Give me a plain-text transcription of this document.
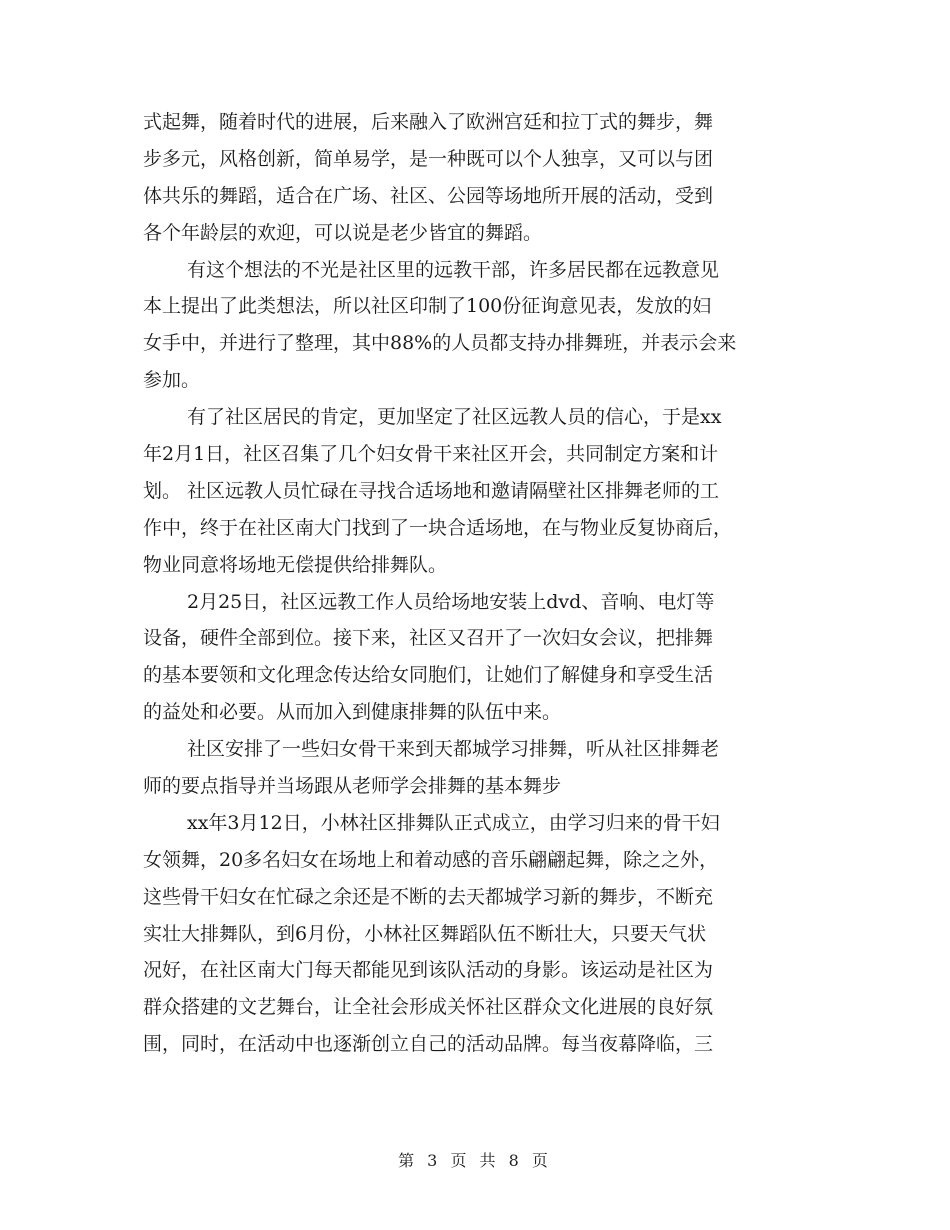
式起舞，随着时代的进展，后来融入了欧洲宫廷和拉丁式的舞步，舞
步多元，风格创新，简单易学，是一种既可以个人独享，又可以与团
体共乐的舞蹈，适合在广场、社区、公园等场地所开展的活动，受到
各个年龄层的欢迎，可以说是老少皆宜的舞蹈。
有这个想法的不光是社区里的远教干部，许多居民都在远教意见
本上提出了此类想法，所以社区印制了100份征询意见表，发放的妇
女手中，并进行了整理，其中88%的人员都支持办排舞班，并表示会来
参加。
有了社区居民的肯定，更加坚定了社区远教人员的信心，于是xx
年2月1日，社区召集了几个妇女骨干来社区开会，共同制定方案和计
划。 社区远教人员忙碌在寻找合适场地和邀请隔壁社区排舞老师的工
作中，终于在社区南大门找到了一块合适场地，在与物业反复协商后，
物业同意将场地无偿提供给排舞队。
2月25日，社区远教工作人员给场地安装上dvd、音响、电灯等
设备，硬件全部到位。接下来，社区又召开了一次妇女会议，把排舞
的基本要领和文化理念传达给女同胞们，让她们了解健身和享受生活
的益处和必要。从而加入到健康排舞的队伍中来。
社区安排了一些妇女骨干来到天都城学习排舞，听从社区排舞老
师的要点指导并当场跟从老师学会排舞的基本舞步
xx年3月12日，小林社区排舞队正式成立，由学习归来的骨干妇
女领舞，20多名妇女在场地上和着动感的音乐翩翩起舞，除之之外，
这些骨干妇女在忙碌之余还是不断的去天都城学习新的舞步，不断充
实壮大排舞队，到6月份，小林社区舞蹈队伍不断壮大，只要天气状
况好，在社区南大门每天都能见到该队活动的身影。该运动是社区为
群众搭建的文艺舞台，让全社会形成关怀社区群众文化进展的良好氛
围，同时，在活动中也逐渐创立自己的活动品牌。每当夜幕降临，三
第 3 页 共 8 页
